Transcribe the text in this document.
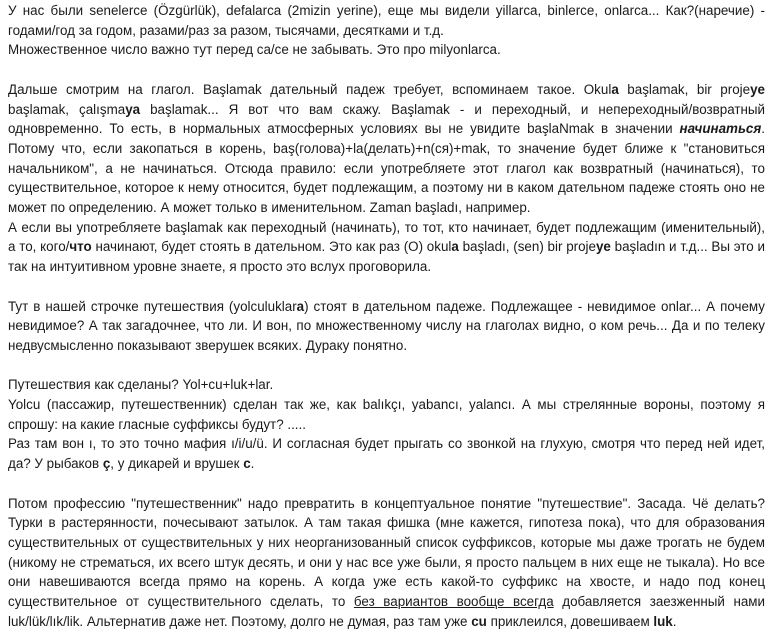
У нас были senelerce (Özgürlük), defalarca (2mizin yerine), еще мы видели yillarca, binlerce, onlarca... Как?(наречие) - годами/год за годом, разами/раз за разом, тысячами, десятками и т.д.

Множественное число важно тут перед са/се не забывать. Это про milyonlarca.

Дальше смотрим на глагол. Başlamak дательный падеж требует, вспоминаем такое. Okula başlamak, bir projeye başlamak, çalışmaya başlamak... Я вот что вам скажу. Başlamak - и переходный, и непереходный/возвратный одновременно. То есть, в нормальных атмосферных условиях вы не увидите başlaNmak в значении начинаться. Потому что, если закопаться в корень, baş(голова)+la(делать)+n(ся)+mak, то значение будет ближе к "становиться начальником", а не начинаться. Отсюда правило: если употребляете этот глагол как возвратный (начинаться), то существительное, которое к нему относится, будет подлежащим, а поэтому ни в каком дательном падеже стоять оно не может по определению. А может только в именительном. Zaman başladı, например.

А если вы употребляете başlamak как переходный (начинать), то тот, кто начинает, будет подлежащим (именительный), а то, кого/что начинают, будет стоять в дательном. Это как раз (O) okula başladı, (sen) bir projeye başladın и т.д... Вы это и так на интуитивном уровне знаете, я просто это вслух проговорила.

Тут в нашей строчке путешествия (yolculuklara) стоят в дательном падеже. Подлежащее - невидимое onlar... А почему невидимое? А так загадочнее, что ли. И вон, по множественному числу на глаголах видно, о ком речь... Да и по телеку недвусмысленно показывают зверушек всяких. Дураку понятно.

Путешествия как сделаны? Yol+cu+luk+lar.

Yolcu (пассажир, путешественник) сделан так же, как balıkçı, yabancı, yalancı. А мы стрелянные вороны, поэтому я спрошу: на какие гласные суффиксы будут? .....

Раз там вон ı, то это точно мафия ı/i/u/ü. И согласная будет прыгать со звонкой на глухую, смотря что перед ней идет, да? У рыбаков ç, у дикарей и врушек c.

Потом профессию "путешественник" надо превратить в концептуальное понятие "путешествие". Засада. Чё делать? Турки в растерянности, почесывают затылок. А там такая фишка (мне кажется, гипотеза пока), что для образования существительных от существительных у них неорганизованный список суффиксов, которые мы даже трогать не будем (никому не стрематься, их всего штук десять, и они у нас все уже были, я просто пальцем в них еще не тыкала). Но все они навешиваются всегда прямо на корень. А когда уже есть какой-то суффикс на хвосте, и надо под конец существительное от существительного сделать, то без вариантов вообще всегда добавляется заезженный нами luk/lük/lık/lik. Альтернатив даже нет. Поэтому, долго не думая, раз там уже cu приклеился, довешиваем luk.
